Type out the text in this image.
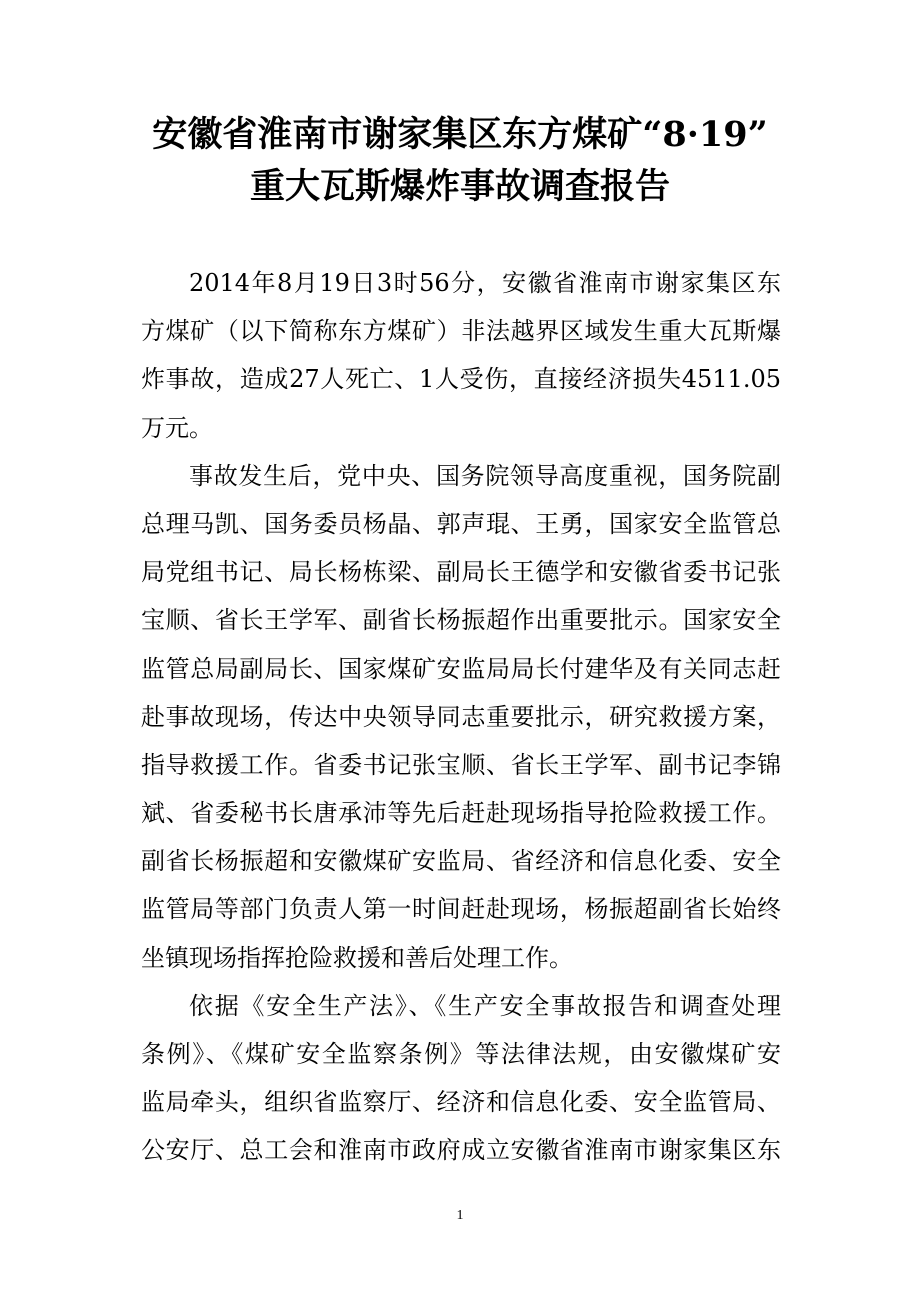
安徽省淮南市谢家集区东方煤矿“8·19”
重大瓦斯爆炸事故调查报告
2014年8月19日3时56分，安徽省淮南市谢家集区东
方煤矿（以下简称东方煤矿）非法越界区域发生重大瓦斯爆
炸事故，造成27人死亡、1人受伤，直接经济损失4511.05
万元。
事故发生后，党中央、国务院领导高度重视，国务院副
总理马凯、国务委员杨晶、郭声琨、王勇，国家安全监管总
局党组书记、局长杨栋梁、副局长王德学和安徽省委书记张
宝顺、省长王学军、副省长杨振超作出重要批示。国家安全
监管总局副局长、国家煤矿安监局局长付建华及有关同志赶
赴事故现场，传达中央领导同志重要批示，研究救援方案，
指导救援工作。省委书记张宝顺、省长王学军、副书记李锦
斌、省委秘书长唐承沛等先后赶赴现场指导抢险救援工作。
副省长杨振超和安徽煤矿安监局、省经济和信息化委、安全
监管局等部门负责人第一时间赶赴现场，杨振超副省长始终
坐镇现场指挥抢险救援和善后处理工作。
依据《安全生产法》、《生产安全事故报告和调查处理
条例》、《煤矿安全监察条例》等法律法规，由安徽煤矿安
监局牵头，组织省监察厅、经济和信息化委、安全监管局、
公安厅、总工会和淮南市政府成立安徽省淮南市谢家集区东
1
